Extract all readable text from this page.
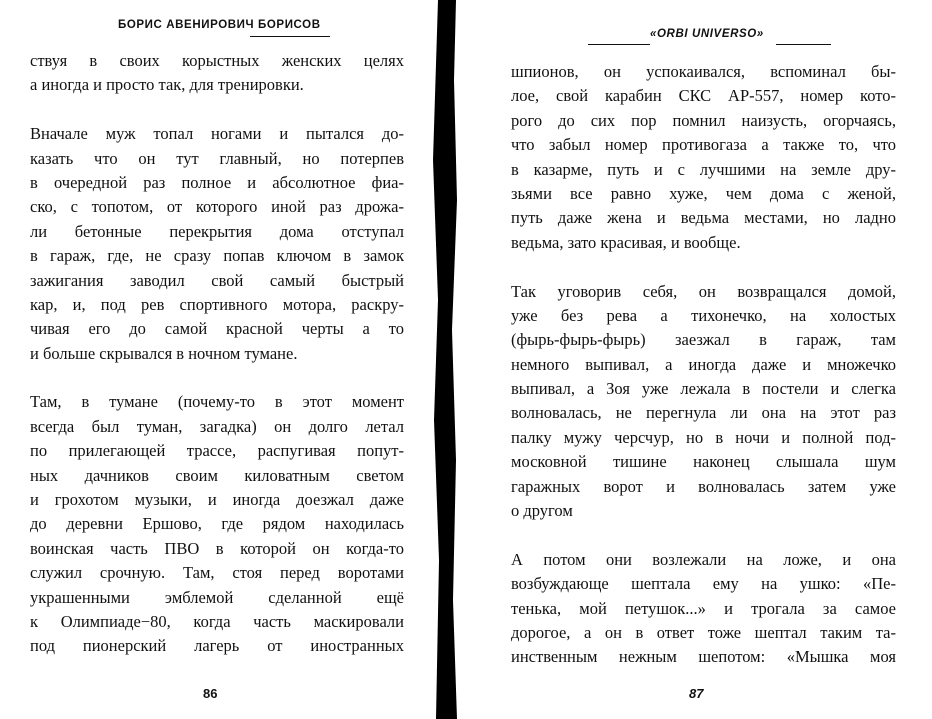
БОРИС АВЕНИРОВИЧ БОРИСОВ
ствуя в своих корыстных женских целях
а иногда и просто так, для тренировки.
Вначале муж топал ногами и пытался до-
казать что он тут главный, но потерпев
в очередной раз полное и абсолютное фиа-
ско, с топотом, от которого иной раз дрожа-
ли бетонные перекрытия дома отступал
в гараж, где, не сразу попав ключом в замок
зажигания заводил свой самый быстрый
кар, и, под рев спортивного мотора, раскру-
чивая его до самой красной черты а то
и больше скрывался в ночном тумане.
Там, в тумане (почему-то в этот момент
всегда был туман, загадка) он долго летал
по прилегающей трассе, распугивая попут-
ных дачников своим киловатным светом
и грохотом музыки, и иногда доезжал даже
до деревни Ершово, где рядом находилась
воинская часть ПВО в которой он когда-то
служил срочную. Там, стоя перед воротами
украшенными эмблемой сделанной ещё
к Олимпиаде−80, когда часть маскировали
под пионерский лагерь от иностранных
86
«ORBI UNIVERSO»
шпионов, он успокаивался, вспоминал бы-
лое, свой карабин СКС АР-557, номер кото-
рого до сих пор помнил наизусть, огорчаясь,
что забыл номер противогаза а также то, что
в казарме, путь и с лучшими на земле дру-
зьями все равно хуже, чем дома с женой,
путь даже жена и ведьма местами, но ладно
ведьма, зато красивая, и вообще.
Так уговорив себя, он возвращался домой,
уже без рева а тихонечко, на холостых
(фырь-фырь-фырь) заезжал в гараж, там
немного выпивал, а иногда даже и множечко
выпивал, а Зоя уже лежала в постели и слегка
волновалась, не перегнула ли она на этот раз
палку мужу черсчур, но в ночи и полной под-
московной тишине наконец слышала шум
гаражных ворот и волновалась затем уже
о другом
А потом они возлежали на ложе, и она
возбуждающе шептала ему на ушко: «Пе-
тенька, мой петушок...» и трогала за самое
дорогое, а он в ответ тоже шептал таким та-
инственным нежным шепотом: «Мышка моя
87
